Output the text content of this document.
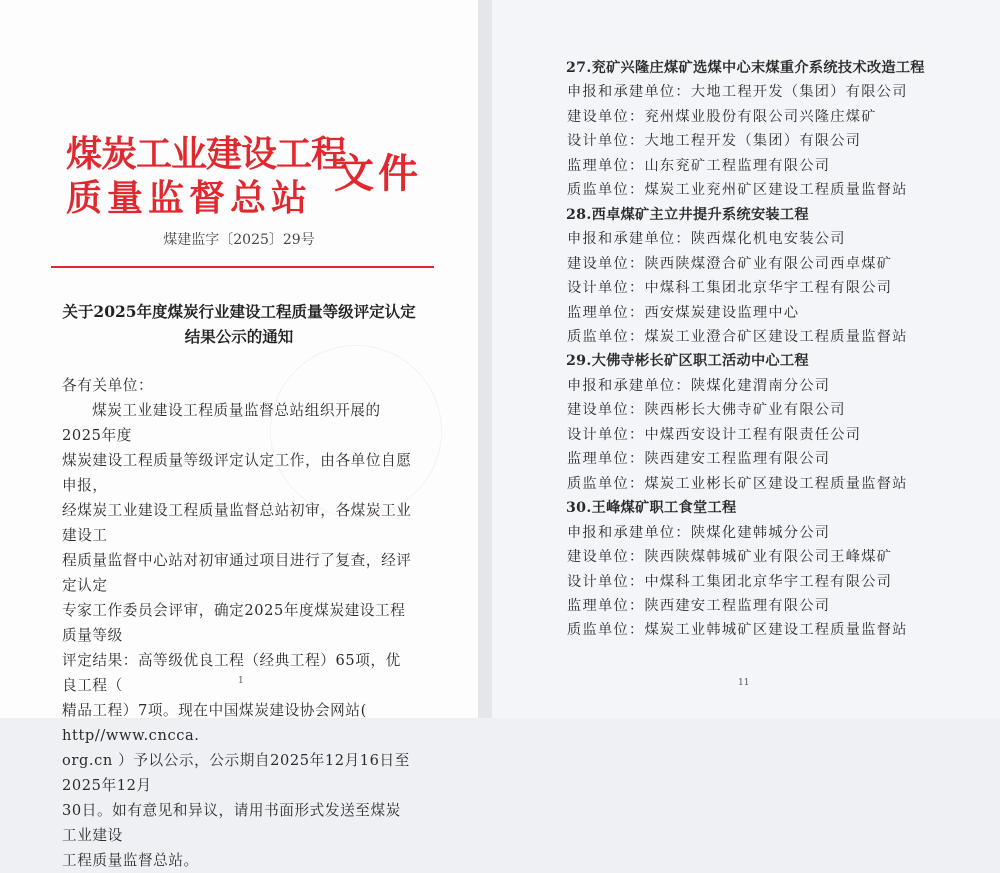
煤炭工业建设工程
质量监督总站
文件
煤建监字〔2025〕29号
关于2025年度煤炭行业建设工程质量等级评定认定
结果公示的通知

各有关单位：

煤炭工业建设工程质量监督总站组织开展的2025年度

煤炭建设工程质量等级评定认定工作，由各单位自愿申报，

经煤炭工业建设工程质量监督总站初审，各煤炭工业建设工

程质量监督中心站对初审通过项目进行了复查，经评定认定

专家工作委员会评审，确定2025年度煤炭建设工程质量等级

评定结果：高等级优良工程（经典工程）65项，优良工程（

精品工程）7项。现在中国煤炭建设协会网站( http//www.cncca.

org.cn ）予以公示，公示期自2025年12月16日至2025年12月

30日。如有意见和异议，请用书面形式发送至煤炭工业建设

工程质量监督总站。

1
27.兖矿兴隆庄煤矿选煤中心末煤重介系统技术改造工程
申报和承建单位：大地工程开发（集团）有限公司
建设单位：兖州煤业股份有限公司兴隆庄煤矿
设计单位：大地工程开发（集团）有限公司
监理单位：山东兖矿工程监理有限公司
质监单位：煤炭工业兖州矿区建设工程质量监督站
28.西卓煤矿主立井提升系统安装工程
申报和承建单位：陕西煤化机电安装公司
建设单位：陕西陕煤澄合矿业有限公司西卓煤矿
设计单位：中煤科工集团北京华宇工程有限公司
监理单位：西安煤炭建设监理中心
质监单位：煤炭工业澄合矿区建设工程质量监督站
29.大佛寺彬长矿区职工活动中心工程
申报和承建单位：陕煤化建渭南分公司
建设单位：陕西彬长大佛寺矿业有限公司
设计单位：中煤西安设计工程有限责任公司
监理单位：陕西建安工程监理有限公司
质监单位：煤炭工业彬长矿区建设工程质量监督站
30.王峰煤矿职工食堂工程
申报和承建单位：陕煤化建韩城分公司
建设单位：陕西陕煤韩城矿业有限公司王峰煤矿
设计单位：中煤科工集团北京华宇工程有限公司
监理单位：陕西建安工程监理有限公司
质监单位：煤炭工业韩城矿区建设工程质量监督站
11
